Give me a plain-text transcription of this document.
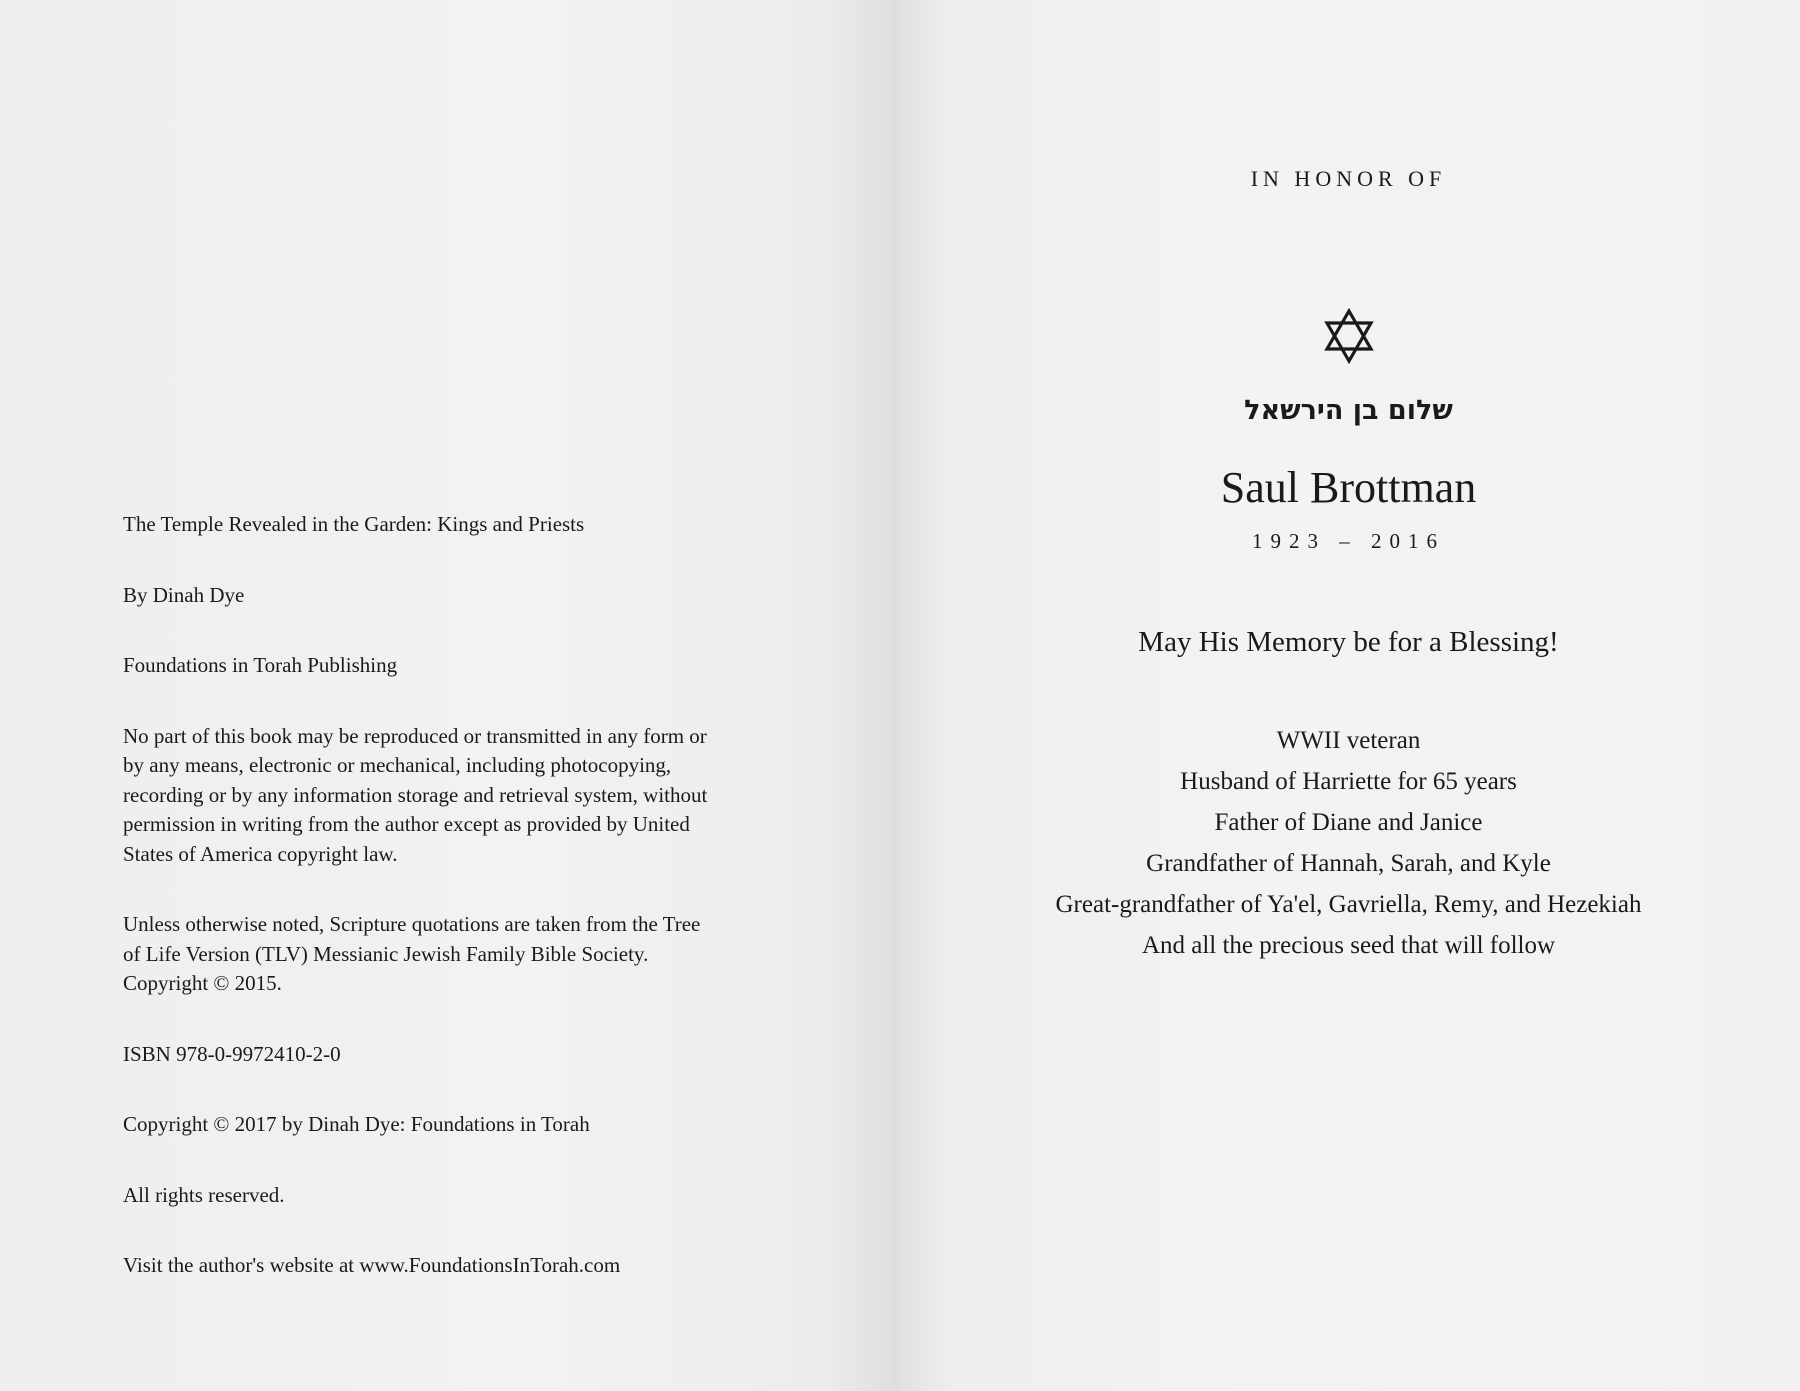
The Temple Revealed in the Garden: Kings and Priests

By Dinah Dye

Foundations in Torah Publishing

No part of this book may be reproduced or transmitted in any form or by any means, electronic or mechanical, including photocopying, recording or by any information storage and retrieval system, without permission in writing from the author except as provided by United States of America copyright law.

Unless otherwise noted, Scripture quotations are taken from the Tree of Life Version (TLV) Messianic Jewish Family Bible Society. Copyright © 2015.

ISBN 978-0-9972410-2-0

Copyright © 2017 by Dinah Dye: Foundations in Torah

All rights reserved.

Visit the author's website at www.FoundationsInTorah.com

IN HONOR OF
שלום בן הירשאל
Saul Brottman
1923 – 2016
May His Memory be for a Blessing!
WWII veteran
Husband of Harriette for 65 years
Father of Diane and Janice
Grandfather of Hannah, Sarah, and Kyle
Great-grandfather of Ya'el, Gavriella, Remy, and Hezekiah
And all the precious seed that will follow
